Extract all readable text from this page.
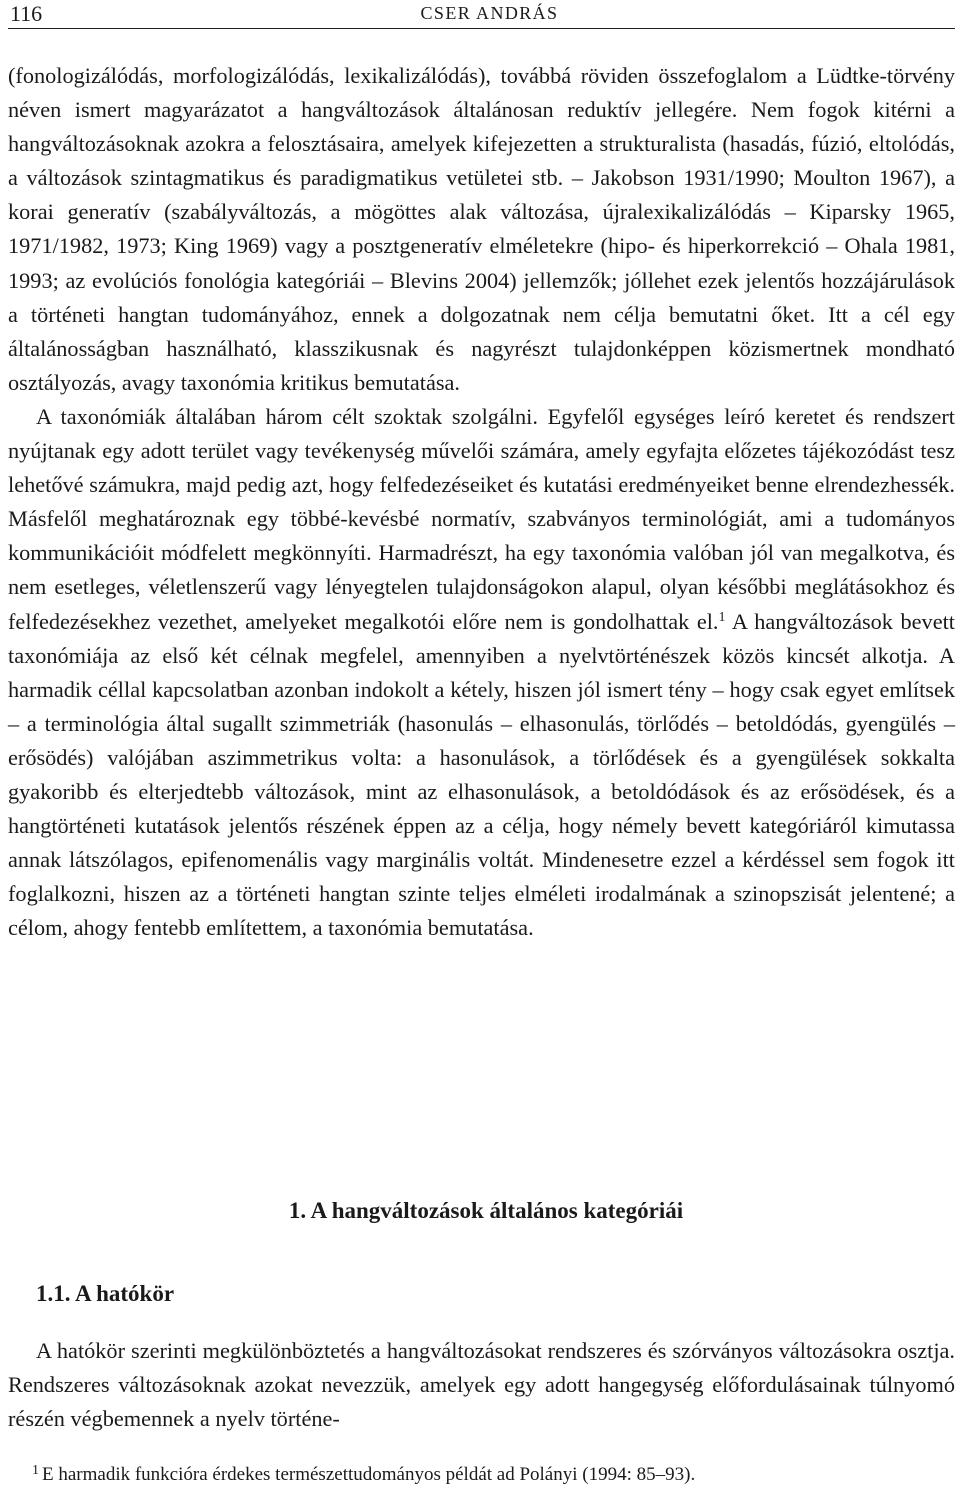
116	CSER ANDRÁS

(fonologizálódás, morfologizálódás, lexikalizálódás), továbbá röviden összefoglalom a Lüdtke-törvény néven ismert magyarázatot a hangváltozások általánosan reduktív jellegére. Nem fogok kitérni a hangváltozásoknak azokra a felosztásaira, amelyek kifejezetten a strukturalista (hasadás, fúzió, eltolódás, a változások szintagmatikus és paradigmatikus vetületei stb. – Jakobson 1931/1990; Moulton 1967), a korai generatív (szabályváltozás, a mögöttes alak változása, újralexikalizálódás – Kiparsky 1965, 1971/1982, 1973; King 1969) vagy a posztgeneratív elméletekre (hipo- és hiperkorrekció – Ohala 1981, 1993; az evolúciós fonológia kategóriái – Blevins 2004) jellemzők; jóllehet ezek jelentős hozzájárulások a történeti hangtan tudományához, ennek a dolgozatnak nem célja bemutatni őket. Itt a cél egy általánosságban használható, klasszikusnak és nagyrészt tulajdonképpen közismertnek mondható osztályozás, avagy taxonómia kritikus bemutatása.

A taxonómiák általában három célt szoktak szolgálni. Egyfelől egységes leíró keretet és rendszert nyújtanak egy adott terület vagy tevékenység művelői számára, amely egyfajta előzetes tájékozódást tesz lehetővé számukra, majd pedig azt, hogy felfedezéseiket és kutatási eredményeiket benne elrendezhessék. Másfelől meghatároznak egy többé-kevésbé normatív, szabványos terminológiát, ami a tudományos kommunikációit módfelett megkönnyíti. Harmadrészt, ha egy taxonómia valóban jól van megalkotva, és nem esetleges, véletlenszerű vagy lényegtelen tulajdonságokon alapul, olyan későbbi meglátásokhoz és felfedezésekhez vezethet, amelyeket megalkotói előre nem is gondolhattak el.$^1$ A hangváltozások bevett taxonómiája az első két célnak megfelel, amennyiben a nyelvtörténészek közös kincsét alkotja. A harmadik céllal kapcsolatban azonban indokolt a kétely, hiszen jól ismert tény – hogy csak egyet említsek – a terminológia által sugallt szimmetriák (hasonulás – elhasonulás, törlődés – betoldódás, gyengülés – erősödés) valójában aszimmetrikus volta: a hasonulások, a törlődések és a gyengülések sokkalta gyakoribb és elterjedtebb változások, mint az elhasonulások, a betoldódások és az erősödések, és a hangtörténeti kutatások jelentős részének éppen az a célja, hogy némely bevett kategóriáról kimutassa annak látszólagos, epifenomenális vagy marginális voltát. Mindenesetre ezzel a kérdéssel sem fogok itt foglalkozni, hiszen az a történeti hangtan szinte teljes elméleti irodalmának a szinopszisát jelentené; a célom, ahogy fentebb említettem, a taxonómia bemutatása.

1. A hangváltozások általános kategóriái
1.1. A hatókör

A hatókör szerinti megkülönböztetés a hangváltozásokat rendszeres és szórványos változásokra osztja. Rendszeres változásoknak azokat nevezzük, amelyek egy adott hangegység előfordulásainak túlnyomó részén végbemennek a nyelv történe-

$^1$ E harmadik funkcióra érdekes természettudományos példát ad Polányi (1994: 85–93).
